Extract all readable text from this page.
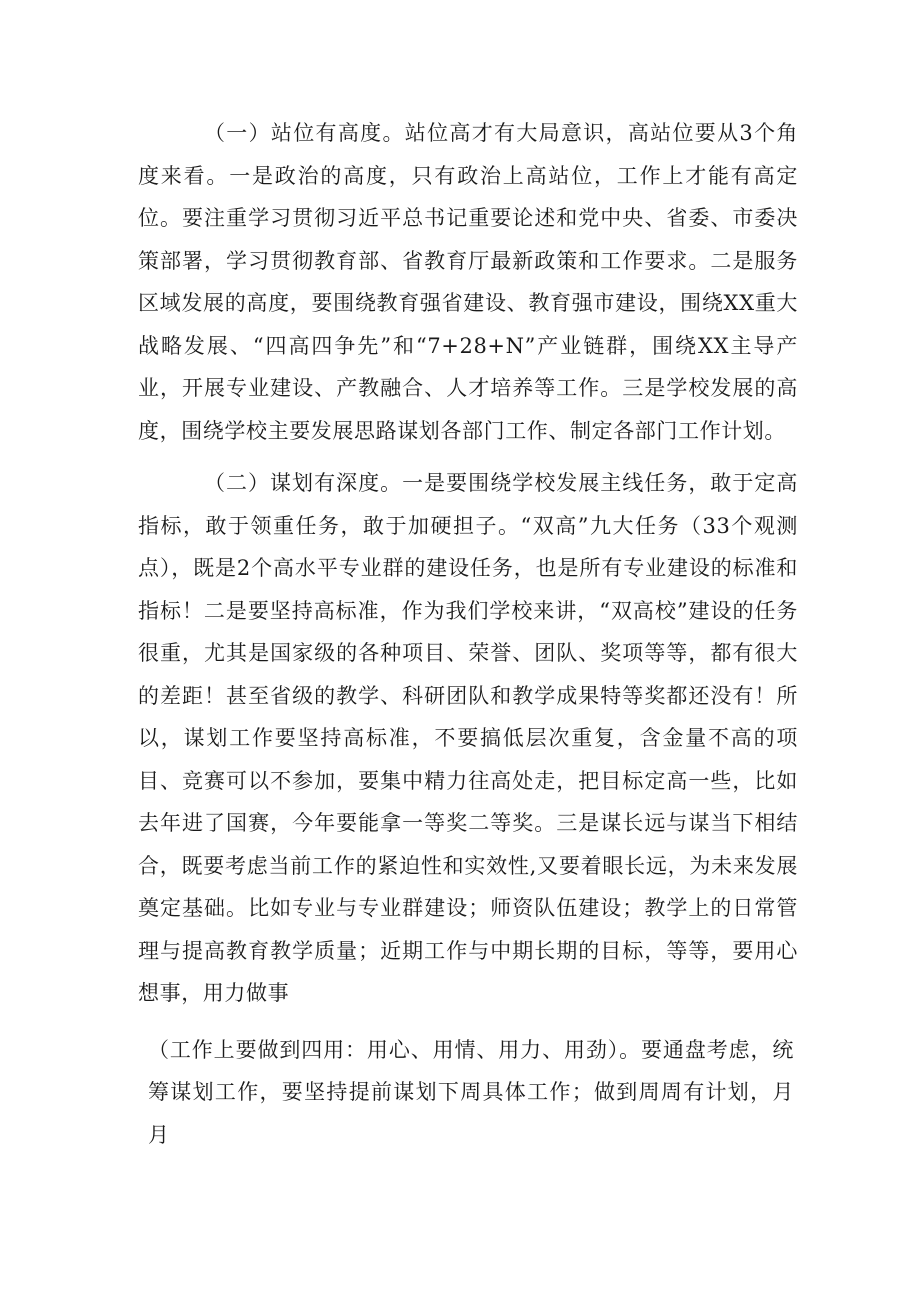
（一）站位有高度。站位高才有大局意识，高站位要从3个角度来看。一是政治的高度，只有政治上高站位，工作上才能有高定位。要注重学习贯彻习近平总书记重要论述和党中央、省委、市委决策部署，学习贯彻教育部、省教育厅最新政策和工作要求。二是服务区域发展的高度，要围绕教育强省建设、教育强市建设，围绕XX重大战略发展、“四高四争先”和“7+28+N”产业链群，围绕XX主导产业，开展专业建设、产教融合、人才培养等工作。三是学校发展的高度，围绕学校主要发展思路谋划各部门工作、制定各部门工作计划。

（二）谋划有深度。一是要围绕学校发展主线任务，敢于定高指标，敢于领重任务，敢于加硬担子。“双高”九大任务（33个观测点），既是2个高水平专业群的建设任务，也是所有专业建设的标准和指标！二是要坚持高标准，作为我们学校来讲，“双高校”建设的任务很重，尤其是国家级的各种项目、荣誉、团队、奖项等等，都有很大的差距！甚至省级的教学、科研团队和教学成果特等奖都还没有！所以，谋划工作要坚持高标准，不要搞低层次重复，含金量不高的项目、竞赛可以不参加，要集中精力往高处走，把目标定高一些，比如去年进了国赛，今年要能拿一等奖二等奖。三是谋长远与谋当下相结合，既要考虑当前工作的紧迫性和实效性,又要着眼长远，为未来发展奠定基础。比如专业与专业群建设；师资队伍建设；教学上的日常管理与提高教育教学质量；近期工作与中期长期的目标，等等，要用心想事，用力做事

（工作上要做到四用：用心、用情、用力、用劲）。要通盘考虑，统筹谋划工作，要坚持提前谋划下周具体工作；做到周周有计划，月月
